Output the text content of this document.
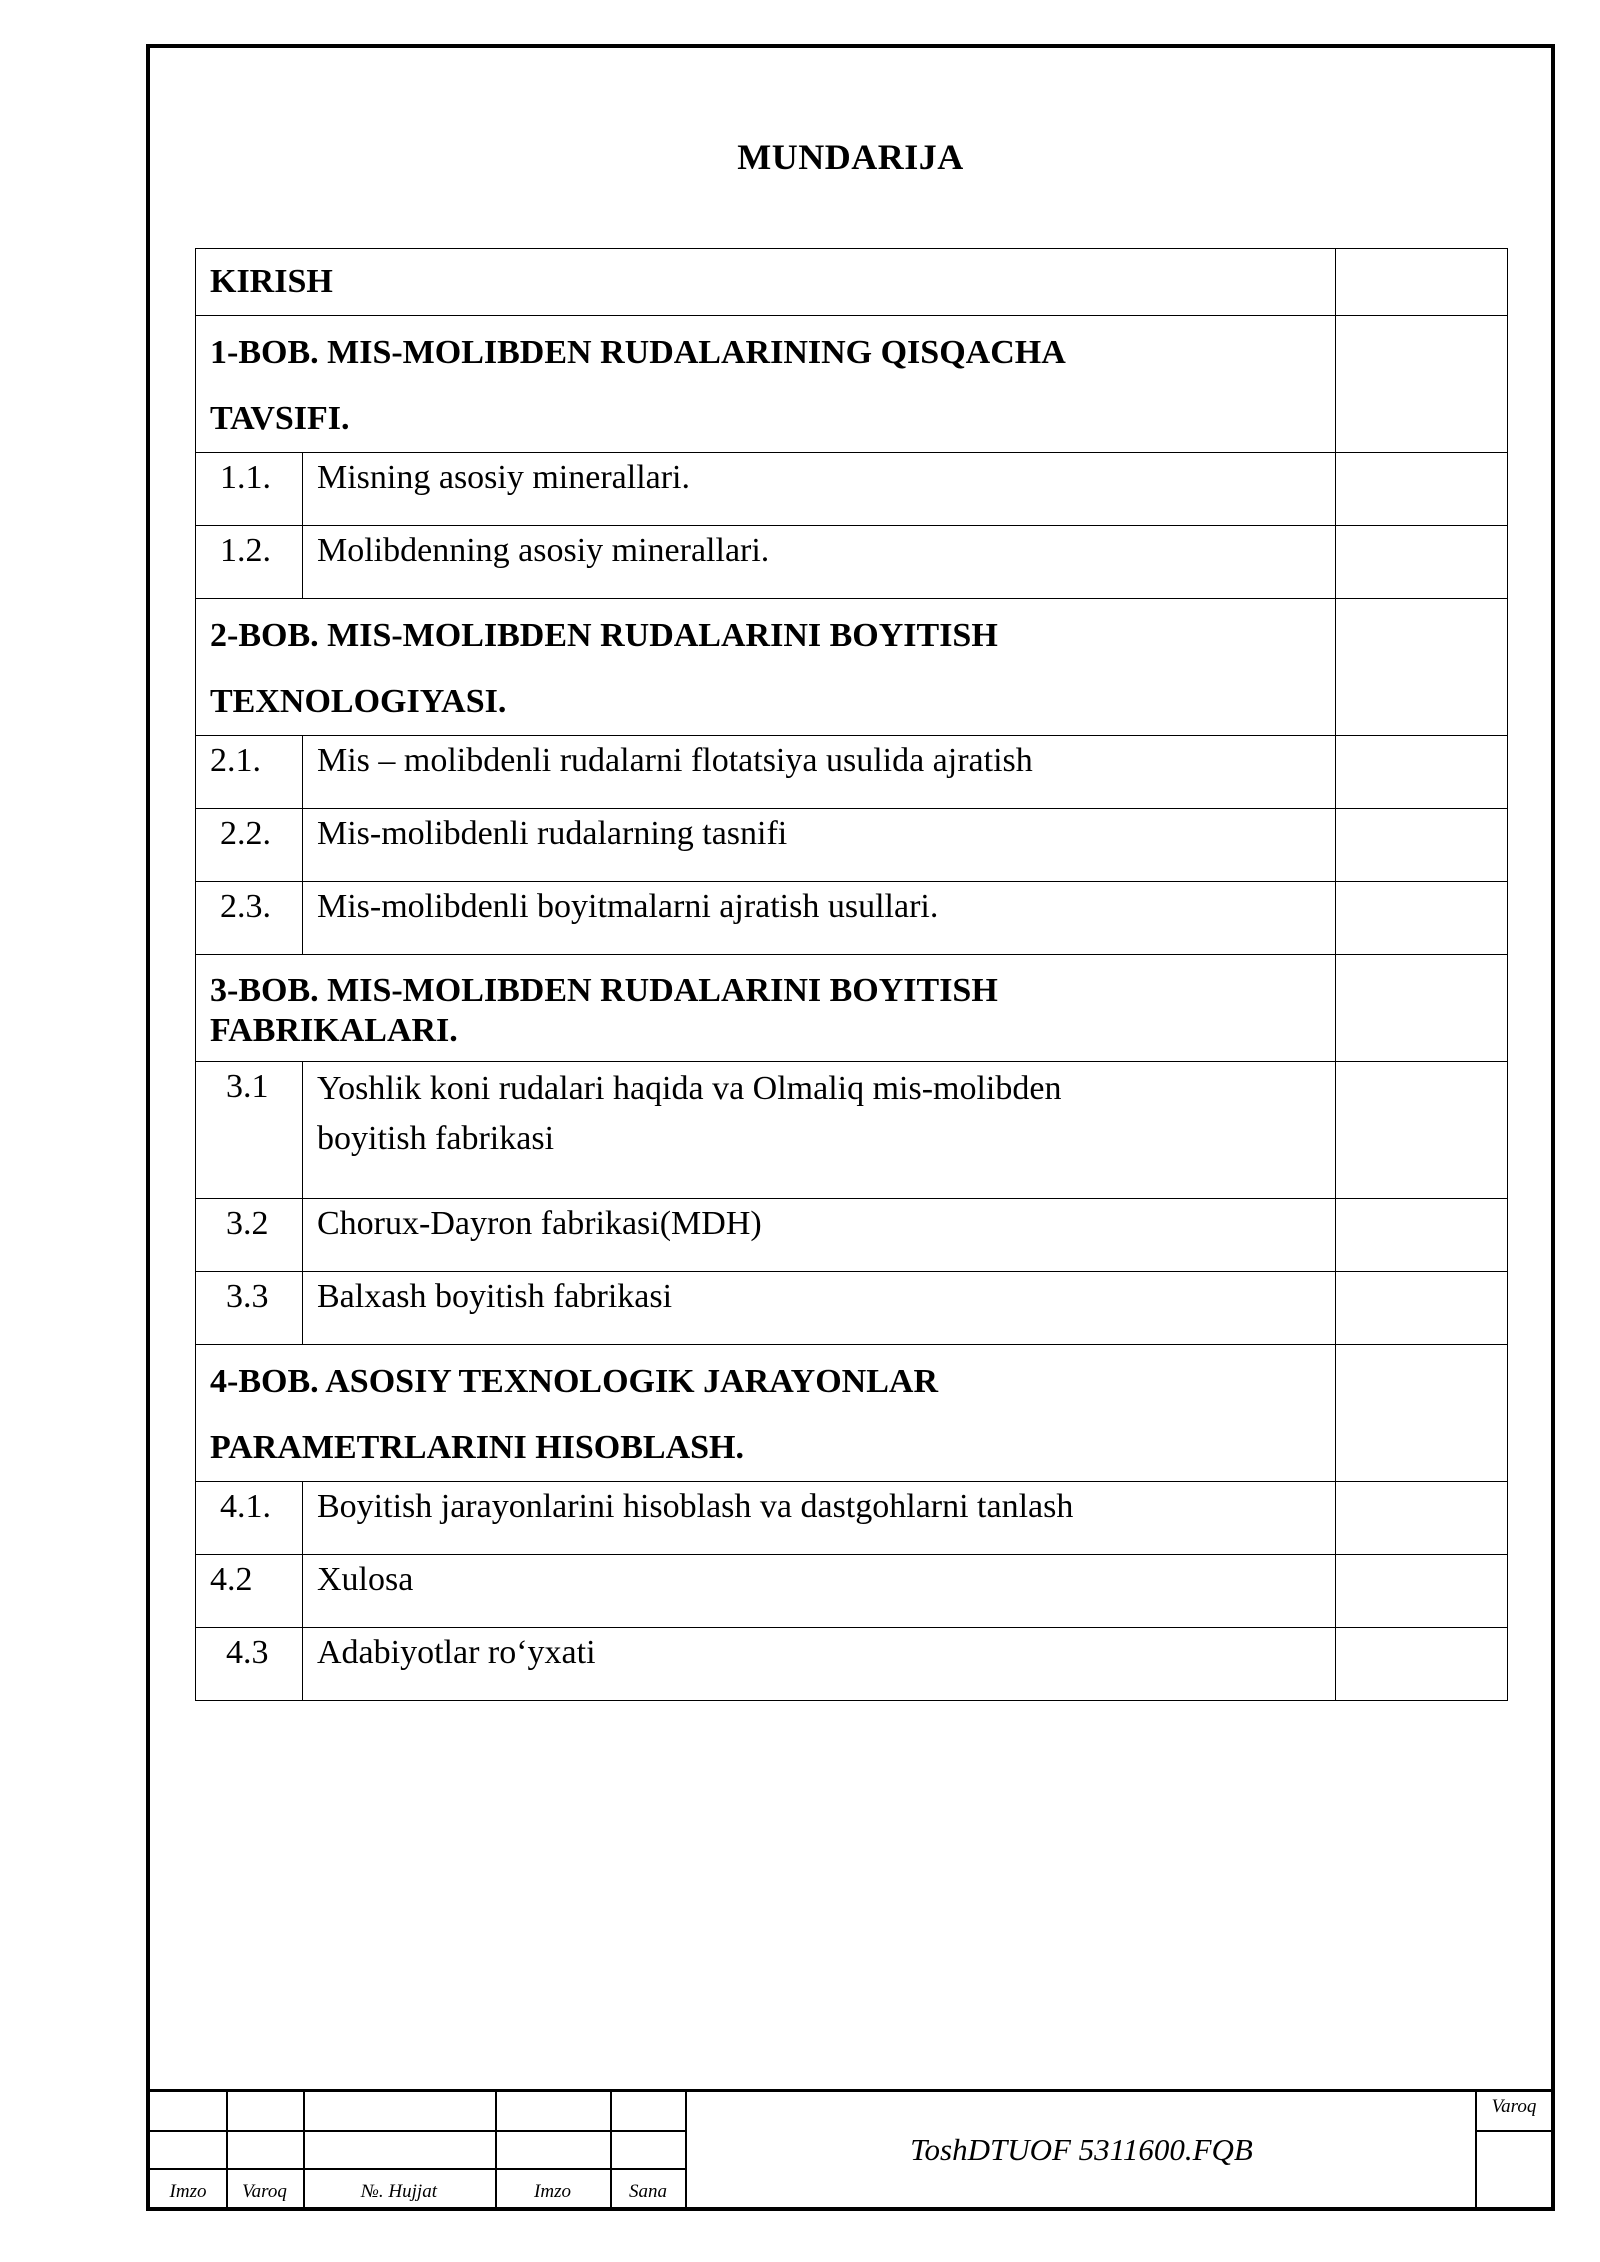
MUNDARIJA
KIRISH		
1-BOB. MIS-MOLIBDEN RUDALARINING QISQACHA
TAVSIFI.		
1.1.	Misning asosiy minerallari.	
1.2.	Molibdenning asosiy minerallari.	
2-BOB. MIS-MOLIBDEN RUDALARINI BOYITISH
TEXNOLOGIYASI.		
2.1.	Mis – molibdenli rudalarni flotatsiya usulida ajratish	
2.2.	Mis-molibdenli rudalarning tasnifi	
2.3.	Mis-molibdenli boyitmalarni ajratish usullari.	
3-BOB. MIS-MOLIBDEN RUDALARINI BOYITISH
FABRIKALARI.		
3.1	Yoshlik koni rudalari haqida va Olmaliq mis-molibden
boyitish fabrikasi	
3.2	Chorux-Dayron fabrikasi(MDH)	
3.3	Balxash boyitish fabrikasi	
4-BOB. ASOSIY TEXNOLOGIK JARAYONLAR
PARAMETRLARINI HISOBLASH.		
4.1.	Boyitish jarayonlarini hisoblash va dastgohlarni tanlash	
4.2	Xulosa	
4.3	Adabiyotlar ro‘yxati	
Imzo	Varoq	№. Hujjat	Imzo	Sana
ToshDTUOF 5311600.FQB
Varoq
